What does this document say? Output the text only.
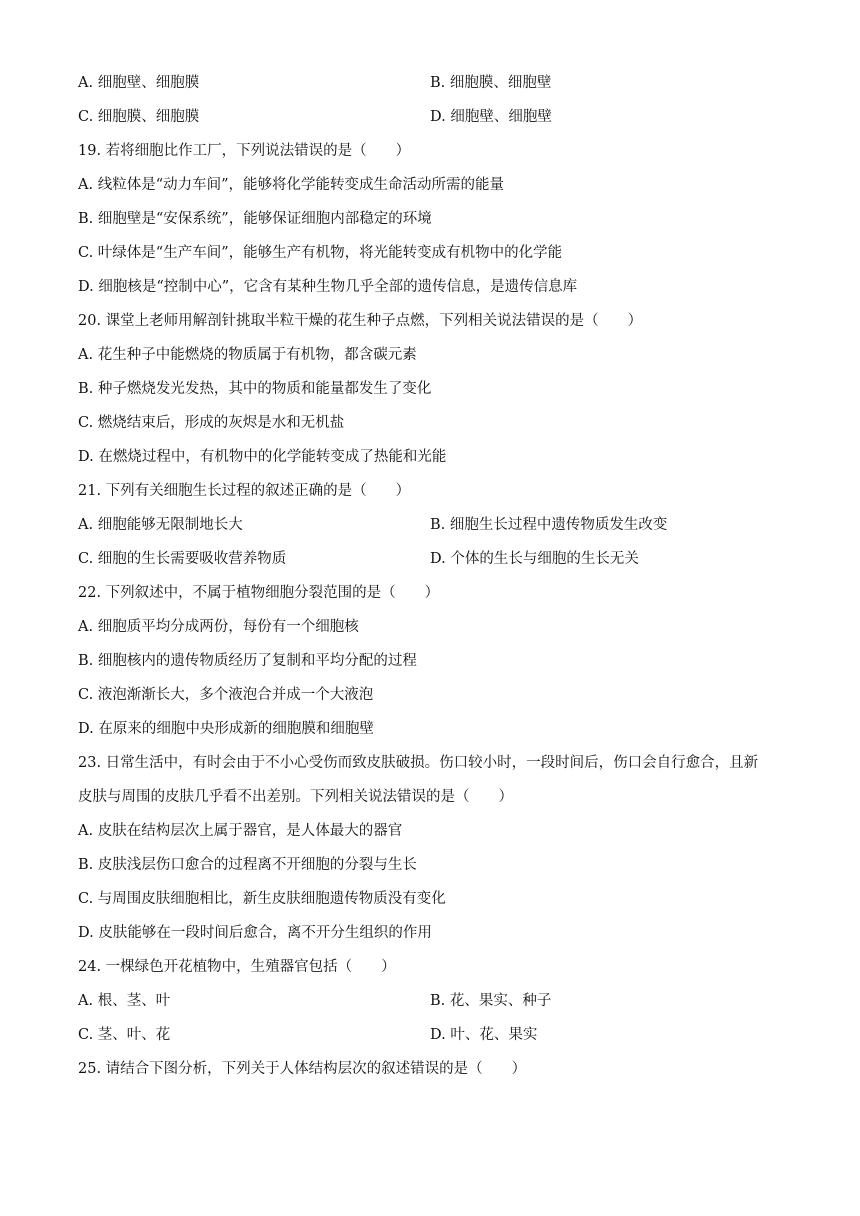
A. 细胞壁、细胞膜	B. 细胞膜、细胞壁
C. 细胞膜、细胞膜	D. 细胞壁、细胞壁
19. 若将细胞比作工厂，下列说法错误的是（　　）
A. 线粒体是“动力车间”，能够将化学能转变成生命活动所需的能量
B. 细胞壁是“安保系统”，能够保证细胞内部稳定的环境
C. 叶绿体是“生产车间”，能够生产有机物，将光能转变成有机物中的化学能
D. 细胞核是“控制中心”，它含有某种生物几乎全部的遗传信息，是遗传信息库
20. 课堂上老师用解剖针挑取半粒干燥的花生种子点燃，下列相关说法错误的是（　　）
A. 花生种子中能燃烧的物质属于有机物，都含碳元素
B. 种子燃烧发光发热，其中的物质和能量都发生了变化
C. 燃烧结束后，形成的灰烬是水和无机盐
D. 在燃烧过程中，有机物中的化学能转变成了热能和光能
21. 下列有关细胞生长过程的叙述正确的是（　　）
A. 细胞能够无限制地长大	B. 细胞生长过程中遗传物质发生改变
C. 细胞的生长需要吸收营养物质	D. 个体的生长与细胞的生长无关
22. 下列叙述中，不属于植物细胞分裂范围的是（　　）
A. 细胞质平均分成两份，每份有一个细胞核
B. 细胞核内的遗传物质经历了复制和平均分配的过程
C. 液泡渐渐长大，多个液泡合并成一个大液泡
D. 在原来的细胞中央形成新的细胞膜和细胞壁
23. 日常生活中，有时会由于不小心受伤而致皮肤破损。伤口较小时，一段时间后，伤口会自行愈合，且新
皮肤与周围的皮肤几乎看不出差别。下列相关说法错误的是（　　）
A. 皮肤在结构层次上属于器官，是人体最大的器官
B. 皮肤浅层伤口愈合的过程离不开细胞的分裂与生长
C. 与周围皮肤细胞相比，新生皮肤细胞遗传物质没有变化
D. 皮肤能够在一段时间后愈合，离不开分生组织的作用
24. 一棵绿色开花植物中，生殖器官包括（　　）
A. 根、茎、叶	B. 花、果实、种子
C. 茎、叶、花	D. 叶、花、果实
25. 请结合下图分析，下列关于人体结构层次的叙述错误的是（　　）
